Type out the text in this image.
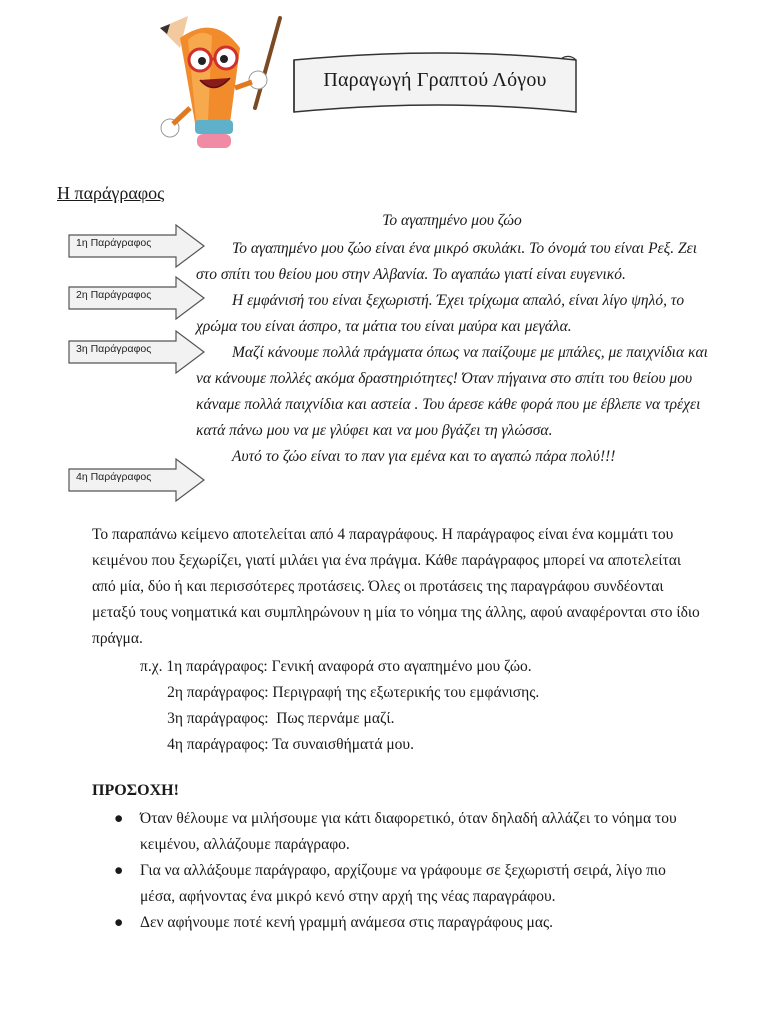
Παραγωγή Γραπτού Λόγου
Η παράγραφος
1η Παράγραφος
2η Παράγραφος
3η Παράγραφος
4η Παράγραφος
Το αγαπημένο μου ζώο

Το αγαπημένο μου ζώο είναι ένα μικρό σκυλάκι. Το όνομά του είναι Ρεξ. Ζει στο σπίτι του θείου μου στην Αλβανία. Το αγαπάω γιατί είναι ευγενικό.

Η εμφάνισή του είναι ξεχωριστή. Έχει τρίχωμα απαλό, είναι λίγο ψηλό, το χρώμα του είναι άσπρο, τα μάτια του είναι μαύρα και μεγάλα.

Μαζί κάνουμε πολλά πράγματα όπως να παίζουμε με μπάλες, με παιχνίδια και να κάνουμε πολλές ακόμα δραστηριότητες! Όταν πήγαινα στο σπίτι του θείου μου κάναμε πολλά παιχνίδια και αστεία . Του άρεσε κάθε φορά που με έβλεπε να τρέχει κατά πάνω μου να με γλύφει και να μου βγάζει τη γλώσσα.

Αυτό το ζώο είναι το παν για εμένα και το αγαπώ πάρα πολύ!!!

Το παραπάνω κείμενο αποτελείται από 4 παραγράφους. Η παράγραφος είναι ένα κομμάτι του κειμένου που ξεχωρίζει, γιατί μιλάει για ένα πράγμα. Κάθε παράγραφος μπορεί να αποτελείται από μία, δύο ή και περισσότερες προτάσεις. Όλες οι προτάσεις της παραγράφου συνδέονται μεταξύ τους νοηματικά και συμπληρώνουν η μία το νόημα της άλλης, αφού αναφέρονται στο ίδιο πράγμα.

π.χ. 1η παράγραφος: Γενική αναφορά στο αγαπημένο μου ζώο.
2η παράγραφος: Περιγραφή της εξωτερικής του εμφάνισης.
3η παράγραφος:  Πως περνάμε μαζί.
4η παράγραφος: Τα συναισθήματά μου.
ΠΡΟΣΟΧΗ!
● Όταν θέλουμε να μιλήσουμε για κάτι διαφορετικό, όταν δηλαδή αλλάζει το νόημα του κειμένου, αλλάζουμε παράγραφο.
● Για να αλλάξουμε παράγραφο, αρχίζουμε να γράφουμε σε ξεχωριστή σειρά, λίγο πιο μέσα, αφήνοντας ένα μικρό κενό στην αρχή της νέας παραγράφου.
● Δεν αφήνουμε ποτέ κενή γραμμή ανάμεσα στις παραγράφους μας.
